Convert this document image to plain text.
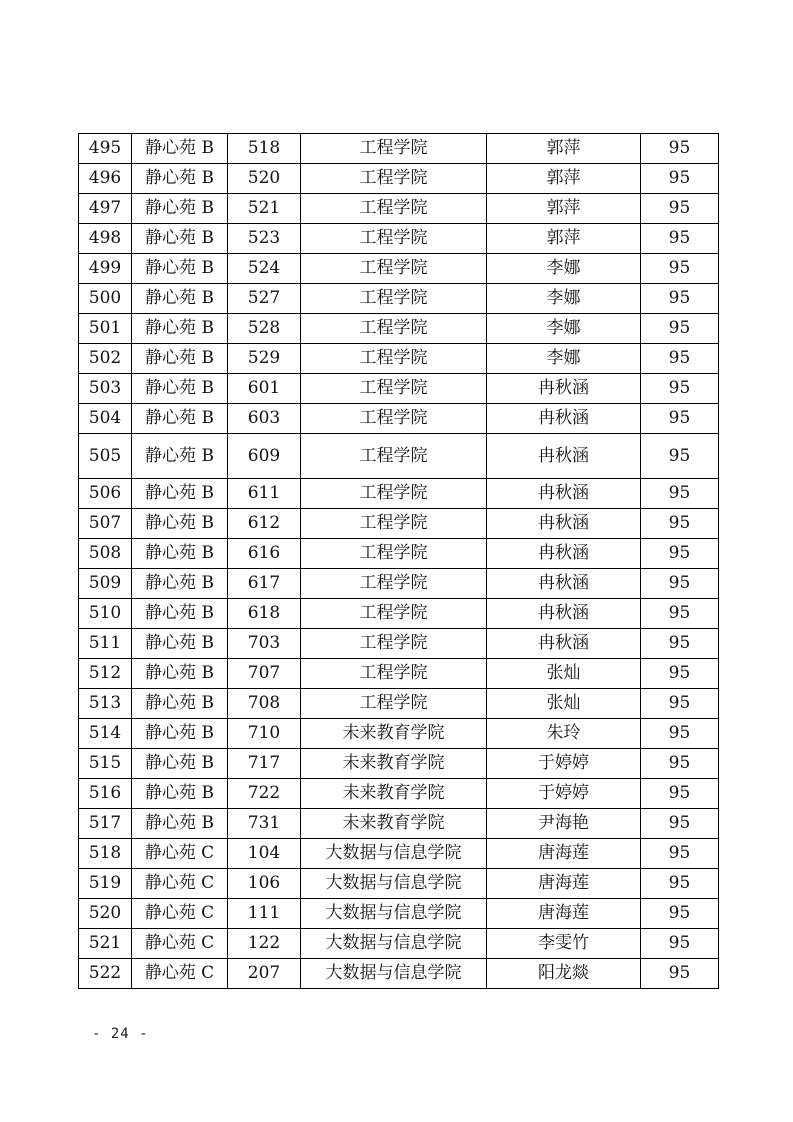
495	静心苑 B	518	工程学院	郭萍	95
496	静心苑 B	520	工程学院	郭萍	95
497	静心苑 B	521	工程学院	郭萍	95
498	静心苑 B	523	工程学院	郭萍	95
499	静心苑 B	524	工程学院	李娜	95
500	静心苑 B	527	工程学院	李娜	95
501	静心苑 B	528	工程学院	李娜	95
502	静心苑 B	529	工程学院	李娜	95
503	静心苑 B	601	工程学院	冉秋涵	95
504	静心苑 B	603	工程学院	冉秋涵	95
505	静心苑 B	609	工程学院	冉秋涵	95
506	静心苑 B	611	工程学院	冉秋涵	95
507	静心苑 B	612	工程学院	冉秋涵	95
508	静心苑 B	616	工程学院	冉秋涵	95
509	静心苑 B	617	工程学院	冉秋涵	95
510	静心苑 B	618	工程学院	冉秋涵	95
511	静心苑 B	703	工程学院	冉秋涵	95
512	静心苑 B	707	工程学院	张灿	95
513	静心苑 B	708	工程学院	张灿	95
514	静心苑 B	710	未来教育学院	朱玲	95
515	静心苑 B	717	未来教育学院	于婷婷	95
516	静心苑 B	722	未来教育学院	于婷婷	95
517	静心苑 B	731	未来教育学院	尹海艳	95
518	静心苑 C	104	大数据与信息学院	唐海莲	95
519	静心苑 C	106	大数据与信息学院	唐海莲	95
520	静心苑 C	111	大数据与信息学院	唐海莲	95
521	静心苑 C	122	大数据与信息学院	李雯竹	95
522	静心苑 C	207	大数据与信息学院	阳龙燚	95
- 24 -
